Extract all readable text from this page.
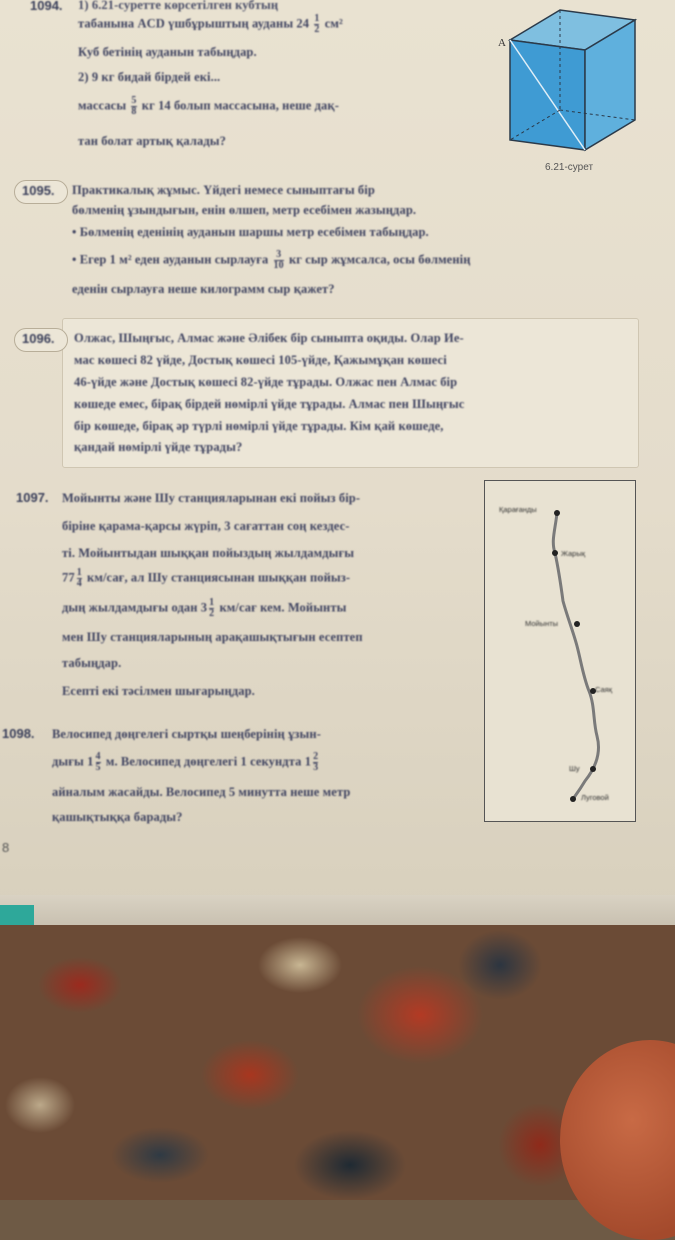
1094. 1) 6.21-суретте көрсетілген кубтың
табанына ACD үшбұрыштың ауданы $24 \frac{1}{2} см^2$
Куб бетінің ауданын табыңдар.
2) 9 кг бидай бірдей екі...
массасы $\frac{5}{8}$ кг 14 болып массасына, неше дақ-
тан болат артық қалады?
A
6.21-сурет
1095. Практикалық жұмыс. Үйдегі немесе сыныптағы бір
бөлменің ұзындығын, енін өлшеп, метр есебімен жазыңдар.
• Бөлменің еденінің ауданын шаршы метр есебімен табыңдар.
• Егер 1 м² еден ауданын сырлауға $\frac{3}{10}$ кг сыр жұмсалса, осы бөлменің
еденін сырлауға неше килограмм сыр қажет?
1096. Олжас, Шыңғыс, Алмас және Әлібек бір сыныпта оқиды. Олар Ие-
мас көшесі 82 үйде, Достық көшесі 105-үйде, Қажымұқан көшесі
46-үйде және Достық көшесі 82-үйде тұрады. Олжас пен Алмас бір
көшеде емес, бірақ бірдей нөмірлі үйде тұрады. Алмас пен Шыңғыс
бір көшеде, бірақ әр түрлі нөмірлі үйде тұрады. Кім қай көшеде,
қандай нөмірлі үйде тұрады?
1097. Мойынты және Шу станцияларынан екі пойыз бір-
біріне қарама-қарсы жүріп, 3 сағаттан соң кездес-
ті. Мойынтыдан шыққан пойыздың жылдамдығы
$77 \frac{1}{4} км/сағ$, ал Шу станциясынан шыққан пойыз-
дың жылдамдығы одан $3 \frac{1}{2} км/сағ$ кем. Мойынты
мен Шу станцияларының арақашықтығын есептеп
табыңдар.
Есепті екі тәсілмен шығарыңдар.
Қарағанды
Жарық
Мойынты
Саяқ
Шу
Луговой
1098. Велосипед дөңгелегі сыртқы шеңберінің ұзын-
дығы $1 \frac{4}{5} м$. Велосипед дөңгелегі 1 секундта $1 \frac{2}{3}$
айналым жасайды. Велосипед 5 минутта неше метр
қашықтыққа барады?
8
